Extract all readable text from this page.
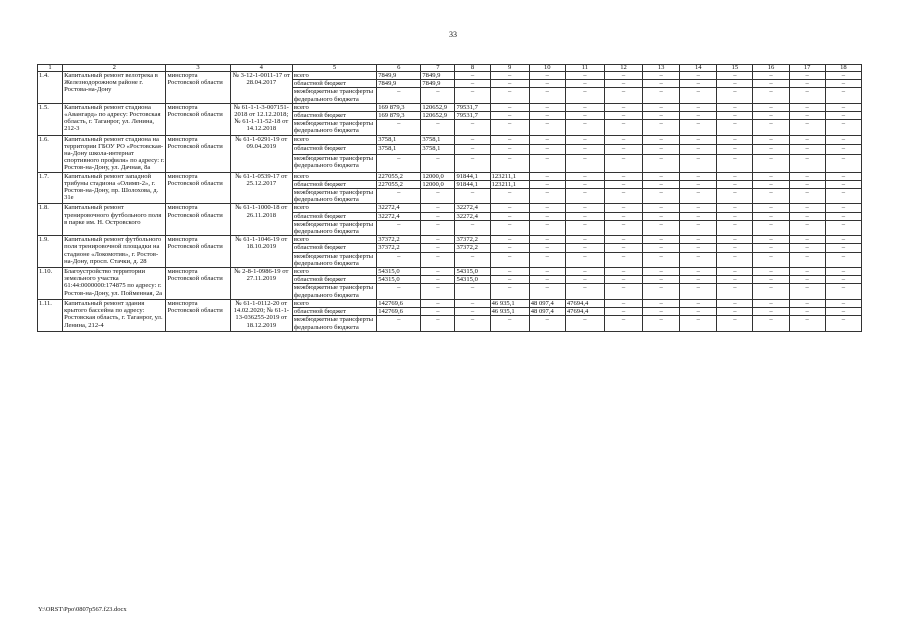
33
1	2	3	4	5	6	7	8	9	10	11	12	13	14	15	16	17	18
1.4.	Капитальный ремонт велотрека в Железнодорожном районе г. Ростова-на-Дону	минспорта Ростовской области	№ 3-12-1-0011-17 от 28.04.2017	всего	7849,9	7849,9	–	–	–	–	–	–	–	–	–	–	–
				областной бюджет	7849,9	7849,9	–	–	–	–	–	–	–	–	–	–	–
				межбюджетные трансферты федерального бюджета	–	–	–	–	–	–	–	–	–	–	–	–	–
1.5.	Капитальный ремонт стадиона «Авангард» по адресу: Ростовская область, г. Таганрог, ул. Ленина, 212-3	минспорта Ростовской области	№ 61-1-1-3-007151-2018 от 12.12.2018; № 61-1-11-52-18 от 14.12.2018	всего	169 879,3	120652,9	79531,7	–	–	–	–	–	–	–	–	–	–
				областной бюджет	169 879,3	120652,9	79531,7	–	–	–	–	–	–	–	–	–	–
				межбюджетные трансферты федерального бюджета	–	–	–	–	–	–	–	–	–	–	–	–	–
1.6.	Капитальный ремонт стадиона на территории ГБОУ РО «Ростовская-на-Дону школа-интернат спортивного профиля» по адресу: г. Ростов-на-Дону, ул. Дачная, 8а	минспорта Ростовской области	№ 61-1-0291-19 от 09.04.2019	всего	3758,1	3758,1	–	–	–	–	–	–	–	–	–	–	–
				областной бюджет	3758,1	3758,1	–	–	–	–	–	–	–	–	–	–	–
				межбюджетные трансферты федерального бюджета	–	–	–	–	–	–	–	–	–	–	–	–	–
1.7.	Капитальный ремонт западной трибуны стадиона «Олимп-2», г. Ростов-на-Дону, пр. Шолохова, д. 31е	минспорта Ростовской области	№ 61-1-0539-17 от 25.12.2017	всего	227055,2	12000,0	91844,1	123211,1	–	–	–	–	–	–	–	–	–
				областной бюджет	227055,2	12000,0	91844,1	123211,1	–	–	–	–	–	–	–	–	–
				межбюджетные трансферты федерального бюджета	–	–	–	–	–	–	–	–	–	–	–	–	–
1.8.	Капитальный ремонт тренировочного футбольного поля в парке им. Н. Островского	минспорта Ростовской области	№ 61-1-1000-18 от 26.11.2018	всего	32272,4	–	32272,4	–	–	–	–	–	–	–	–	–	–
				областной бюджет	32272,4	–	32272,4	–	–	–	–	–	–	–	–	–	–
				межбюджетные трансферты федерального бюджета	–	–	–	–	–	–	–	–	–	–	–	–	–
1.9.	Капитальный ремонт футбольного поля тренировочной площадки на стадионе «Локомотив», г. Ростов-на-Дону, просп. Стачки, д. 28	минспорта Ростовской области	№ 61-1-1046-19 от 18.10.2019	всего	37372,2	–	37372,2	–	–	–	–	–	–	–	–	–	–
				областной бюджет	37372,2	–	37372,2	–	–	–	–	–	–	–	–	–	–
				межбюджетные трансферты федерального бюджета	–	–	–	–	–	–	–	–	–	–	–	–	–
1.10.	Благоустройство территории земельного участка 61:44:0000000:174875 по адресу: г. Ростов-на-Дону, ул. Пойменная, 2а	минспорта Ростовской области	№ 2-8-1-0986-19 от 27.11.2019	всего	54315,0	–	54315,0	–	–	–	–	–	–	–	–	–	–
				областной бюджет	54315,0	–	54315,0	–	–	–	–	–	–	–	–	–	–
				межбюджетные трансферты федерального бюджета	–	–	–	–	–	–	–	–	–	–	–	–	–
1.11.	Капитальный ремонт здания крытого бассейна по адресу: Ростовская область, г. Таганрог, ул. Ленина, 212-4	минспорта Ростовской области	№ 61-1-0112-20 от 14.02.2020; № 61-1-13-036255-2019 от 18.12.2019	всего	142769,6	–	–	46 935,1	48 097,4	47694,4	–	–	–	–	–	–	–
				областной бюджет	142769,6	–	–	46 935,1	48 097,4	47694,4	–	–	–	–	–	–	–
				межбюджетные трансферты федерального бюджета	–	–	–	–	–	–	–	–	–	–	–	–	–
Y:\ORST\Ppo\0807p567.f23.docx
